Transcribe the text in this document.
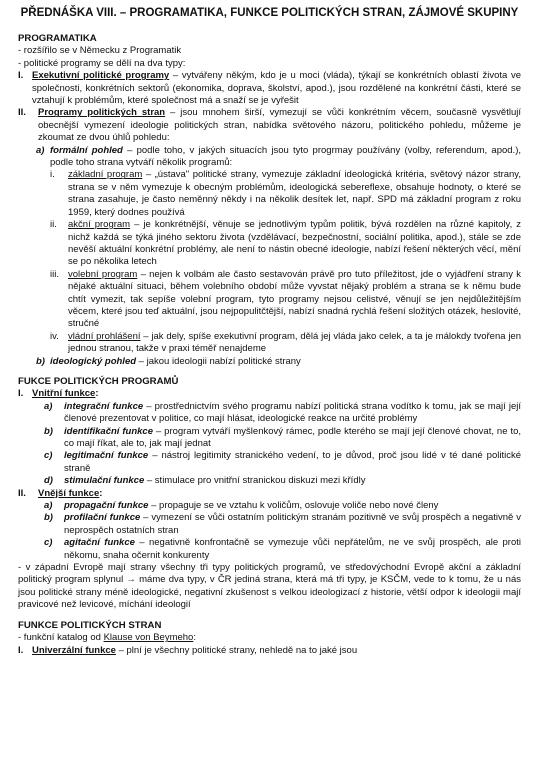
PŘEDNÁŠKA VIII. – PROGRAMATIKA, FUNKCE POLITICKÝCH STRAN, ZÁJMOVÉ SKUPINY
PROGRAMATIKA
- rozšířilo se v Německu z Programatik
- politické programy se dělí na dva typy:
I. Exekutivní politické programy – vytvářeny někým, kdo je u moci (vláda), týkají se konkrétních oblastí života ve společnosti, konkrétních sektorů (ekonomika, doprava, školství, apod.), jsou rozdělené na konkrétní části, které se vztahují k problémům, které společnost má a snaží se je vyřešit
II.	Programy politických stran – jsou mnohem širší, vymezují se vůči konkrétním věcem, současně vysvětlují obecnější vymezení ideologie politických stran, nabídka světového názoru, politického pohledu, můžeme je zkoumat ze dvou úhlů pohledu:
a) formální pohled – podle toho, v jakých situacích jsou tyto progrmay používány (volby, referendum, apod.), podle toho strana vytváří několik programů:
i.	základní program – „ústava" politické strany, vymezuje základní ideologická kritéria, světový názor strany, strana se v něm vymezuje k obecným problémům, ideologická sebereflexe, obsahuje hodnoty, o které se strana zasahuje, je často neměnný někdy i na několik desítek let, např. SPD má základní program z roku 1959, který dodnes používá
ii.	akční program – je konkrétnější, věnuje se jednotlivým typům politik, bývá rozdělen na různé kapitoly, z nichž každá se týká jiného sektoru života (vzdělávací, bezpečnostní, sociální politika, apod.), stále se zde nevěší aktuální konkrétní problémy, ale není to nástin obecné ideologie, nabízí řešení některých věcí, mění se po několika letech
iii. volební program – nejen k volbám ale často sestavován právě pro tuto příležitost, jde o vyjádření strany k nějaké aktuální situaci, během volebního období může vyvstat nějaký problém a strana se k němu bude chtít vymezit, tak sepíše volební program, tyto programy nejsou celistvé, věnují se jen nejdůležitějším věcem, které jsou teď aktuální, jsou nejpopulitčtější, nabízí snadná rychlá řešení složitých otázek, heslovité, stručné
iv. vládní prohlášení – jak dely, spíše exekutivní program, dělá jej vláda jako celek, a ta je málokdy tvořena jen jednou stranou, takže v praxi téměř nenajdeme
b) ideologický pohled – jakou ideologii nabízí politické strany
FUKCE POLITICKÝCH PROGRAMŮ
I. Vnitřní funkce:
a)	integrační funkce – prostřednictvím svého programu nabízí politická strana vodítko k tomu, jak se mají její členové prezentovat v politice, co mají hlásat, ideologické reakce na určité problémy
b)	identifikační funkce – program vytváří myšlenkový rámec, podle kterého se mají její členové chovat, ne to, co mají říkat, ale to, jak mají jednat
c)	legitimační funkce – nástroj legitimity stranického vedení, to je důvod, proč jsou lidé v té dané politické straně
d)	stimulační funkce – stimulace pro vnitřní stranickou diskuzi mezi křídly
II.	Vnější funkce:
a)	propagační funkce – propaguje se ve vztahu k voličům, oslovuje voliče nebo nové členy
b)	profilační funkce – vymezení se vůči ostatním politickým stranám pozitivně ve svůj prospěch a negativně v neprospěch ostatních stran
c)	agitační funkce – negativně konfrontačně se vymezuje vůči nepřátelům, ne ve svůj prospěch, ale proti někomu, snaha očernit konkurenty
- v západní Evropě mají strany všechny tři typy politických programů, ve středovýchodní Evropě akční a základní politický program splynul → máme dva typy, v ČR jediná strana, která má tři typy, je KSČM, vede to k tomu, že u nás jsou politické strany méně ideologické, negativní zkušenost s velkou ideologizací z historie, větší odpor k ideologii mají pravicové než levicové, míchání ideologií
FUNKCE POLITICKÝCH STRAN
- funkční katalog od Klause von Beymeho:
I. Univerzální funkce – plní je všechny politické strany, nehledě na to jaké jsou
